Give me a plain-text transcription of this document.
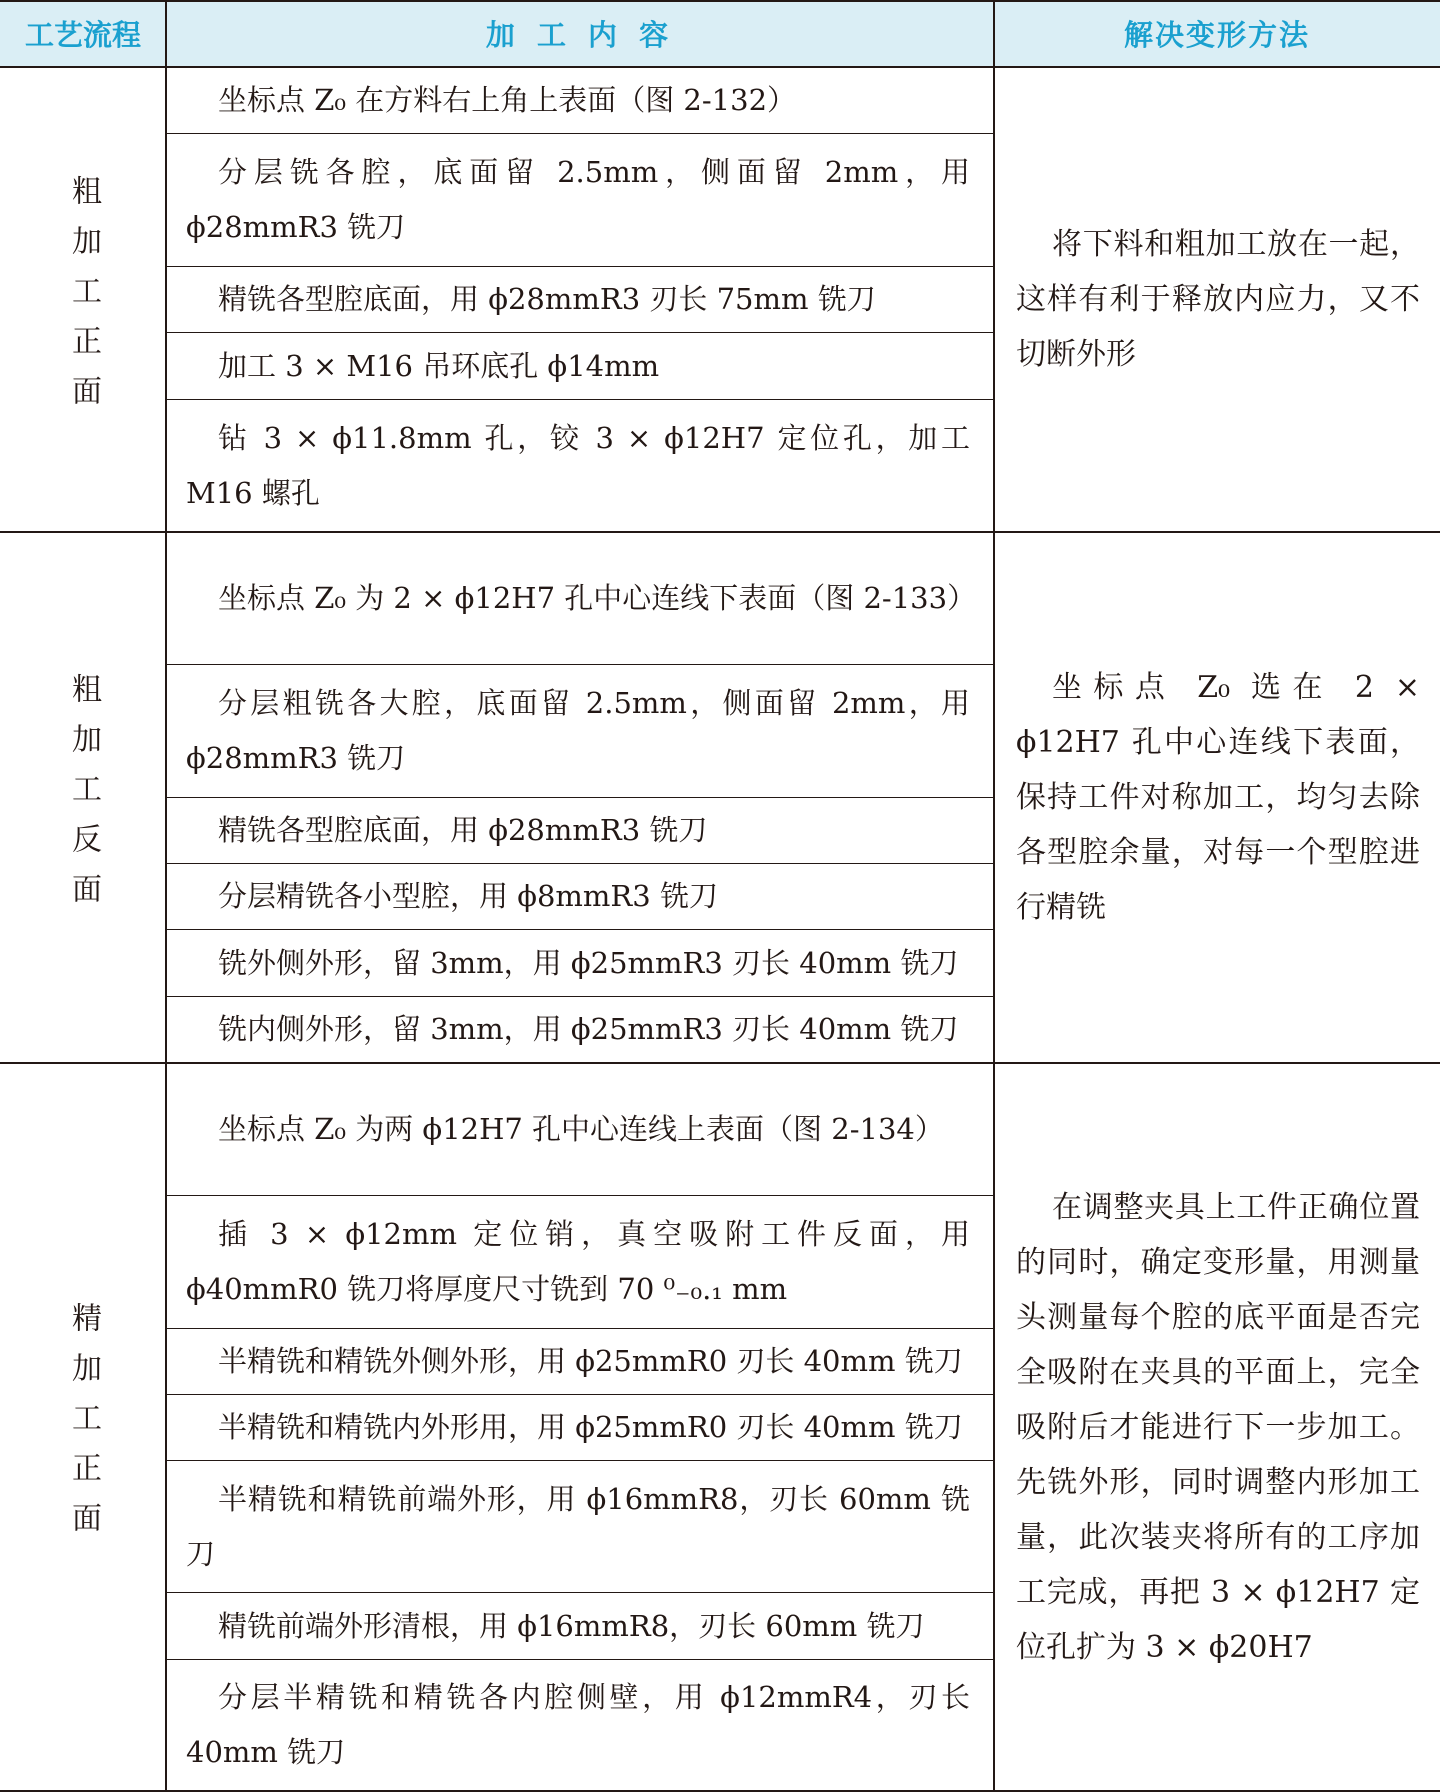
工艺流程	加 工 内 容	解决变形方法
粗加工正面
坐标点 Z₀ 在方料右上角上表面（图 2-132）
分层铣各腔，底面留 2.5mm，侧面留 2mm，用 ϕ28mmR3 铣刀
精铣各型腔底面，用 ϕ28mmR3 刃长 75mm 铣刀
加工 3 × M16 吊环底孔 ϕ14mm
钻 3 × ϕ11.8mm 孔，铰 3 × ϕ12H7 定位孔，加工 M16 螺孔
将下料和粗加工放在一起，这样有利于释放内应力，又不切断外形
粗加工反面
坐标点 Z₀ 为 2 × ϕ12H7 孔中心连线下表面（图 2-133）
分层粗铣各大腔，底面留 2.5mm，侧面留 2mm，用 ϕ28mmR3 铣刀
精铣各型腔底面，用 ϕ28mmR3 铣刀
分层精铣各小型腔，用 ϕ8mmR3 铣刀
铣外侧外形，留 3mm，用 ϕ25mmR3 刃长 40mm 铣刀
铣内侧外形，留 3mm，用 ϕ25mmR3 刃长 40mm 铣刀
坐标点 Z₀ 选在 2 × ϕ12H7 孔中心连线下表面，保持工件对称加工，均匀去除各型腔余量，对每一个型腔进行精铣
精加工正面
坐标点 Z₀ 为两 ϕ12H7 孔中心连线上表面（图 2-134）
插 3 × ϕ12mm 定位销，真空吸附工件反面，用 ϕ40mmR0 铣刀将厚度尺寸铣到 70 ⁰₋₀.₁ mm
半精铣和精铣外侧外形，用 ϕ25mmR0 刃长 40mm 铣刀
半精铣和精铣内外形用，用 ϕ25mmR0 刃长 40mm 铣刀
半精铣和精铣前端外形，用 ϕ16mmR8，刃长 60mm 铣刀
精铣前端外形清根，用 ϕ16mmR8，刃长 60mm 铣刀
分层半精铣和精铣各内腔侧壁，用 ϕ12mmR4，刃长 40mm 铣刀
在调整夹具上工件正确位置的同时，确定变形量，用测量头测量每个腔的底平面是否完全吸附在夹具的平面上，完全吸附后才能进行下一步加工。先铣外形，同时调整内形加工量，此次装夹将所有的工序加工完成，再把 3 × ϕ12H7 定位孔扩为 3 × ϕ20H7
